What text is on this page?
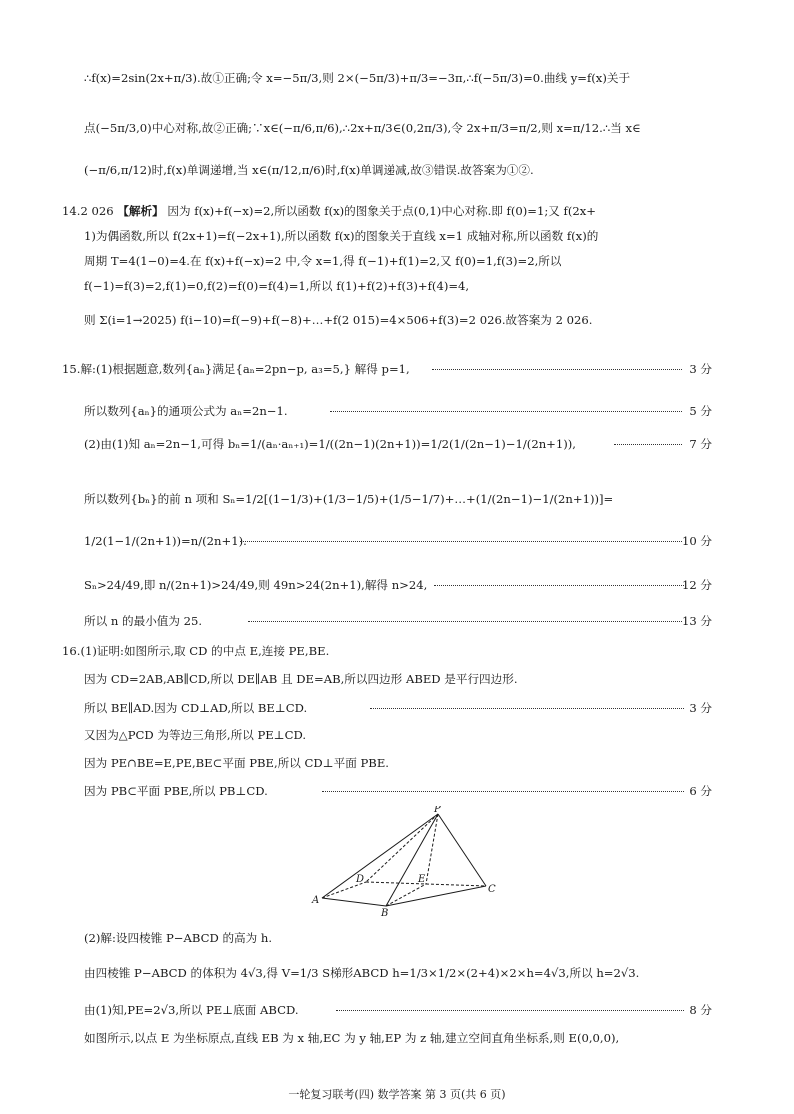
∴f(x)=2sin(2x+π/3).故①正确;令 x=−5π/3,则 2×(−5π/3)+π/3=−3π,∴f(−5π/3)=0.曲线 y=f(x)关于
点(−5π/3,0)中心对称,故②正确;∵x∈(−π/6,π/6),∴2x+π/3∈(0,2π/3),令 2x+π/3=π/2,则 x=π/12.∴当 x∈
(−π/6,π/12)时,f(x)单调递增,当 x∈(π/12,π/6)时,f(x)单调递减,故③错误.故答案为①②.
14.2 026 【解析】 因为 f(x)+f(−x)=2,所以函数 f(x)的图象关于点(0,1)中心对称.即 f(0)=1;又 f(2x+
1)为偶函数,所以 f(2x+1)=f(−2x+1),所以函数 f(x)的图象关于直线 x=1 成轴对称,所以函数 f(x)的
周期 T=4(1−0)=4.在 f(x)+f(−x)=2 中,令 x=1,得 f(−1)+f(1)=2,又 f(0)=1,f(3)=2,所以
f(−1)=f(3)=2,f(1)=0,f(2)=f(0)=f(4)=1,所以 f(1)+f(2)+f(3)+f(4)=4,
则 Σ(i=1→2025) f(i−10)=f(−9)+f(−8)+…+f(2 015)=4×506+f(3)=2 026.故答案为 2 026.
15.解:(1)根据题意,数列{aₙ}满足{aₙ=2pn−p, a₃=5,} 解得 p=1,	3 分
所以数列{aₙ}的通项公式为 aₙ=2n−1.	5 分
(2)由(1)知 aₙ=2n−1,可得 bₙ=1/(aₙ·aₙ₊₁)=1/((2n−1)(2n+1))=1/2(1/(2n−1)−1/(2n+1)),	7 分
所以数列{bₙ}的前 n 项和 Sₙ=1/2[(1−1/3)+(1/3−1/5)+(1/5−1/7)+…+(1/(2n−1)−1/(2n+1))]=
1/2(1−1/(2n+1))=n/(2n+1).	10 分
Sₙ>24/49,即 n/(2n+1)>24/49,则 49n>24(2n+1),解得 n>24,	12 分
所以 n 的最小值为 25.	13 分
16.(1)证明:如图所示,取 CD 的中点 E,连接 PE,BE.
因为 CD=2AB,AB∥CD,所以 DE∥AB 且 DE=AB,所以四边形 ABED 是平行四边形.
所以 BE∥AD.因为 CD⊥AD,所以 BE⊥CD.	3 分
又因为△PCD 为等边三角形,所以 PE⊥CD.
因为 PE∩BE=E,PE,BE⊂平面 PBE,所以 CD⊥平面 PBE.
因为 PB⊂平面 PBE,所以 PB⊥CD.	6 分
P
D	E
A
B
C
(2)解:设四棱锥 P−ABCD 的高为 h.
由四棱锥 P−ABCD 的体积为 4√3,得 V=1/3 S梯形ABCD h=1/3×1/2×(2+4)×2×h=4√3,所以 h=2√3.
由(1)知,PE=2√3,所以 PE⊥底面 ABCD.	8 分
如图所示,以点 E 为坐标原点,直线 EB 为 x 轴,EC 为 y 轴,EP 为 z 轴,建立空间直角坐标系,则 E(0,0,0),
一轮复习联考(四) 数学答案 第 3 页(共 6 页)
